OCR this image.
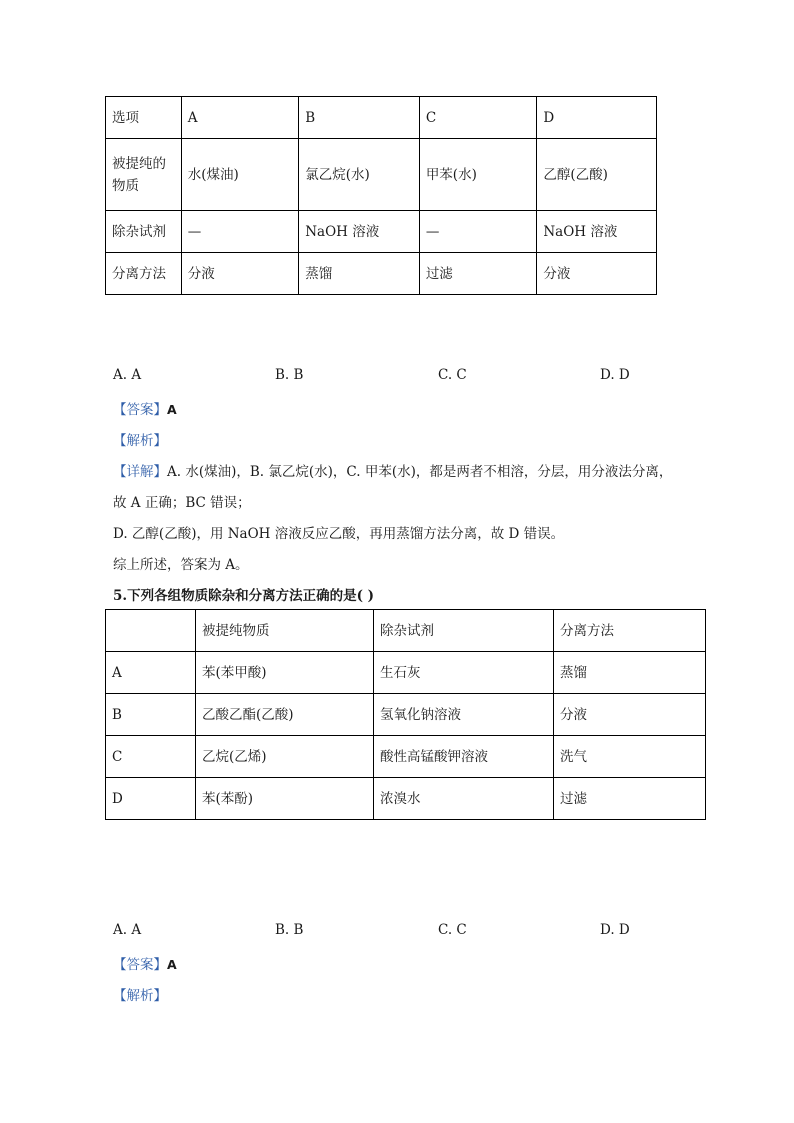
选项	A	B	C	D
被提纯的物质	水(煤油)	氯乙烷(水)	甲苯(水)	乙醇(乙酸)
除杂试剂	—	NaOH 溶液	—	NaOH 溶液
分离方法	分液	蒸馏	过滤	分液
A. A	B. B	C. C	D. D
【答案】A
【解析】
【详解】A. 水(煤油)，B. 氯乙烷(水)，C. 甲苯(水)，都是两者不相溶，分层，用分液法分离，
故 A 正确；BC 错误；
D. 乙醇(乙酸)，用 NaOH 溶液反应乙酸，再用蒸馏方法分离，故 D 错误。
综上所述，答案为 A。
5.下列各组物质除杂和分离方法正确的是( )
	被提纯物质	除杂试剂	分离方法
A	苯(苯甲酸)	生石灰	蒸馏
B	乙酸乙酯(乙酸)	氢氧化钠溶液	分液
C	乙烷(乙烯)	酸性高锰酸钾溶液	洗气
D	苯(苯酚)	浓溴水	过滤
A. A	B. B	C. C	D. D
【答案】A
【解析】
